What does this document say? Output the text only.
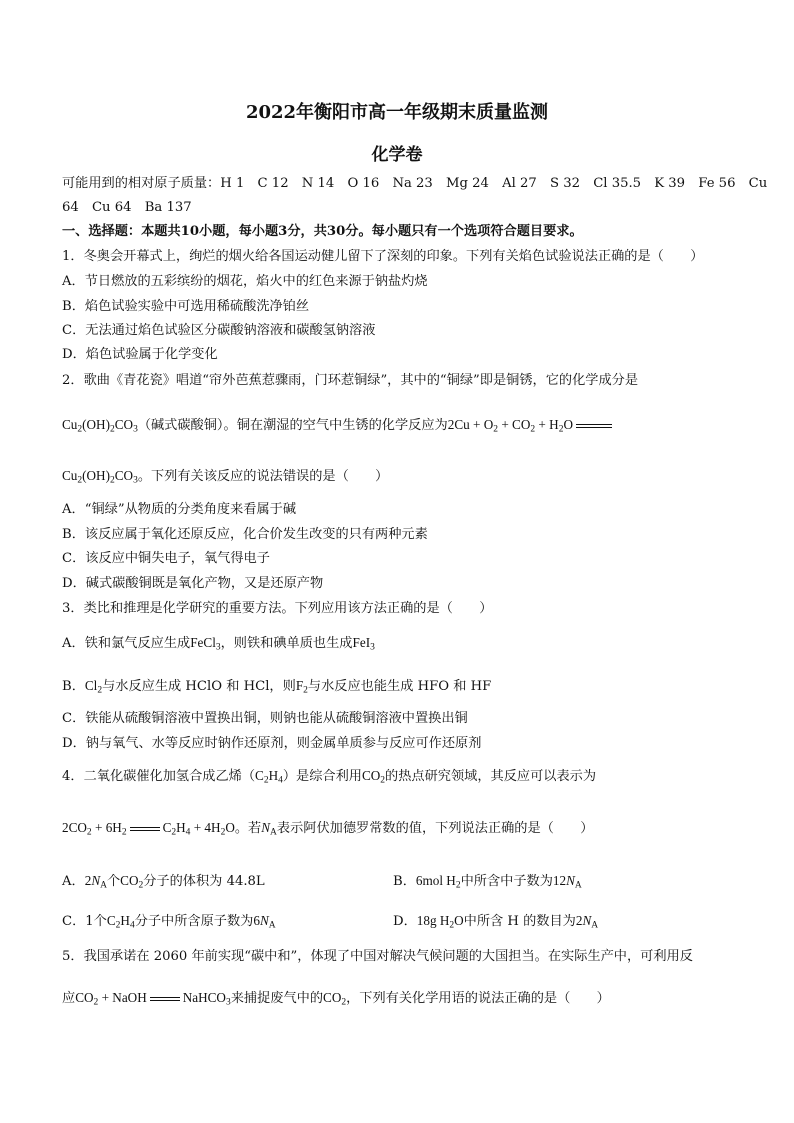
2022年衡阳市高一年级期末质量监测
化学卷
可能用到的相对原子质量：H 1　C 12　N 14　O 16　Na 23　Mg 24　Al 27　S 32　Cl 35.5　K 39　Fe 56　Cu
64　Cu 64　Ba 137
一、选择题：本题共10小题，每小题3分，共30分。每小题只有一个选项符合题目要求。
1．冬奥会开幕式上，绚烂的烟火给各国运动健儿留下了深刻的印象。下列有关焰色试验说法正确的是（　　）
A．节日燃放的五彩缤纷的烟花，焰火中的红色来源于钠盐灼烧
B．焰色试验实验中可选用稀硫酸洗净铂丝
C．无法通过焰色试验区分碳酸钠溶液和碳酸氢钠溶液
D．焰色试验属于化学变化
2．歌曲《青花瓷》唱道“帘外芭蕉惹骤雨，门环惹铜绿”，其中的“铜绿”即是铜锈，它的化学成分是
$Cu_2(OH)_2CO_3$（碱式碳酸铜）。铜在潮湿的空气中生锈的化学反应为$2Cu + O_2 + CO_2 + H_2O$
$Cu_2(OH)_2CO_3$。下列有关该反应的说法错误的是（　　）
A．“铜绿”从物质的分类角度来看属于碱
B．该反应属于氧化还原反应，化合价发生改变的只有两种元素
C．该反应中铜失电子，氧气得电子
D．碱式碳酸铜既是氧化产物，又是还原产物
3．类比和推理是化学研究的重要方法。下列应用该方法正确的是（　　）
A．铁和氯气反应生成FeCl$_3$，则铁和碘单质也生成FeI$_3$
B．$Cl_2$与水反应生成 HClO 和 HCl，则$F_2$与水反应也能生成 HFO 和 HF
C．铁能从硫酸铜溶液中置换出铜，则钠也能从硫酸铜溶液中置换出铜
D．钠与氧气、水等反应时钠作还原剂，则金属单质参与反应可作还原剂
4．二氧化碳催化加氢合成乙烯$(C_2H_4)$是综合利用$CO_2$的热点研究领域，其反应可以表示为
$2CO_2 + 6H_2$	$C_2H_4 + 4H_2O$。若$N_A$表示阿伏加德罗常数的值，下列说法正确的是（　　）
A．$2N_A$个$CO_2$分子的体积为 44.8L	B．6mol $H_2$中所含中子数为$12N_A$
C．1个$C_2H_4$分子中所含原子数为$6N_A$	D．18g $H_2O$中所含 H 的数目为$2N_A$
5．我国承诺在 2060 年前实现“碳中和”，体现了中国对解决气候问题的大国担当。在实际生产中，可利用反
应$CO_2$ + NaOH	NaHCO$_3$来捕捉废气中的$CO_2$，下列有关化学用语的说法正确的是（　　）
